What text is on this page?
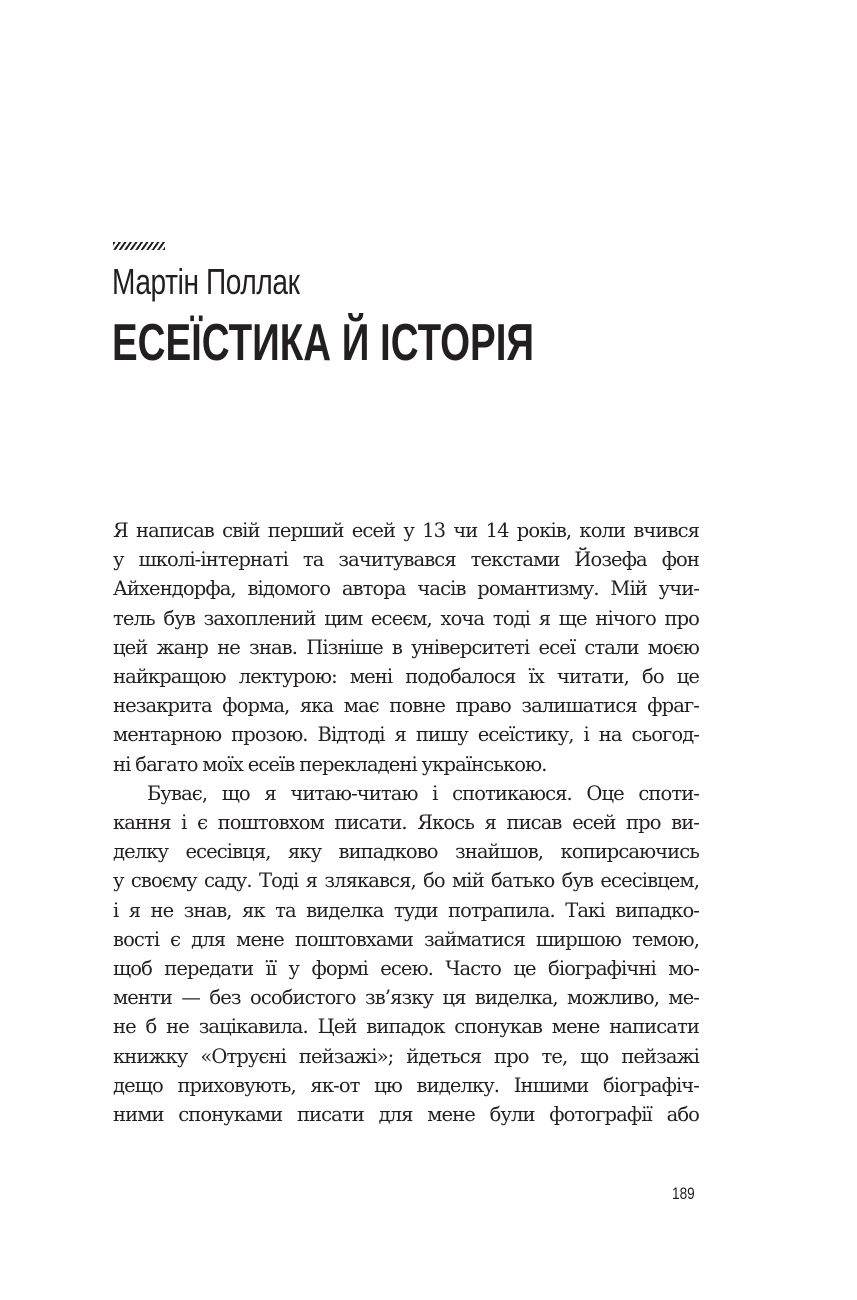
Мартін Поллак
ЕСЕЇСТИКА Й ІСТОРІЯ
Я написав свій перший есей у 13 чи 14 років, коли вчився
у школі-інтернаті та зачитувався текстами Йозефа фон
Айхендорфа, відомого автора часів романтизму. Мій учи-
тель був захоплений цим есеєм, хоча тоді я ще нічого про
цей жанр не знав. Пізніше в університеті есеї стали моєю
найкращою лектурою: мені подобалося їх читати, бо це
незакрита форма, яка має повне право залишатися фраг-
ментарною прозою. Відтоді я пишу есеїстику, і на сьогод-
ні багато моїх есеїв перекладені українською.
Буває, що я читаю-читаю і спотикаюся. Оце споти-
кання і є поштовхом писати. Якось я писав есей про ви-
делку есесівця, яку випадково знайшов, копирсаючись
у своєму саду. Тоді я злякався, бо мій батько був есесівцем,
і я не знав, як та виделка туди потрапила. Такі випадко-
вості є для мене поштовхами займатися ширшою темою,
щоб передати її у формі есею. Часто це біографічні мо-
менти — без особистого зв’язку ця виделка, можливо, ме-
не б не зацікавила. Цей випадок спонукав мене написати
книжку «Отруєні пейзажі»; йдеться про те, що пейзажі
дещо приховують, як-от цю виделку. Іншими біографіч-
ними спонуками писати для мене були фотографії або
189
